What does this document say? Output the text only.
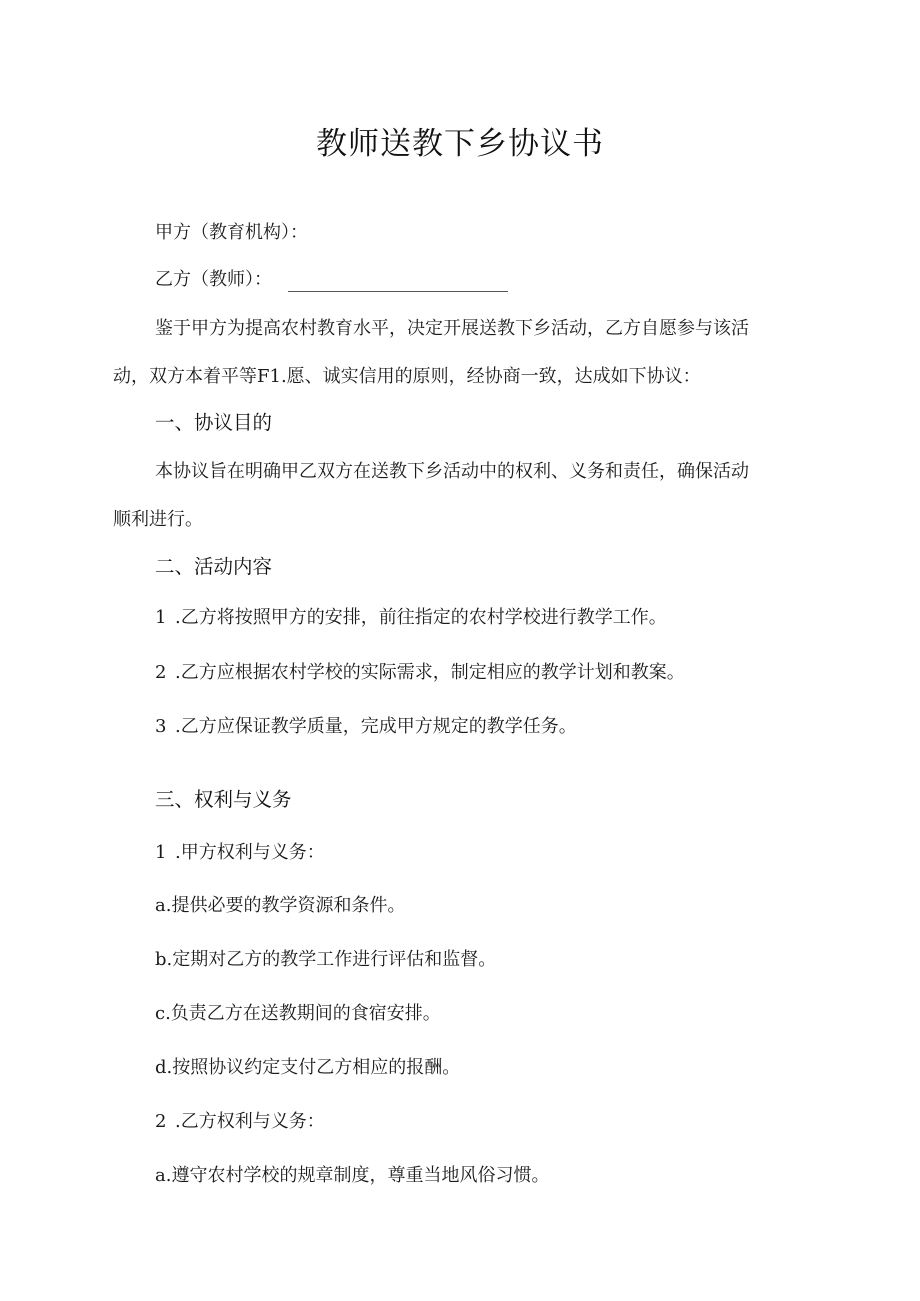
教师送教下乡协议书
甲方（教育机构）：
乙方（教师）：
鉴于甲方为提高农村教育水平，决定开展送教下乡活动，乙方自愿参与该活
动，双方本着平等F1.愿、诚实信用的原则，经协商一致，达成如下协议：
一、协议目的
本协议旨在明确甲乙双方在送教下乡活动中的权利、义务和责任，确保活动
顺利进行。
二、活动内容
1 .乙方将按照甲方的安排，前往指定的农村学校进行教学工作。
2 .乙方应根据农村学校的实际需求，制定相应的教学计划和教案。
3 .乙方应保证教学质量，完成甲方规定的教学任务。
三、权利与义务
1 .甲方权利与义务：
a.提供必要的教学资源和条件。
b.定期对乙方的教学工作进行评估和监督。
c.负责乙方在送教期间的食宿安排。
d.按照协议约定支付乙方相应的报酬。
2 .乙方权利与义务：
a.遵守农村学校的规章制度，尊重当地风俗习惯。
